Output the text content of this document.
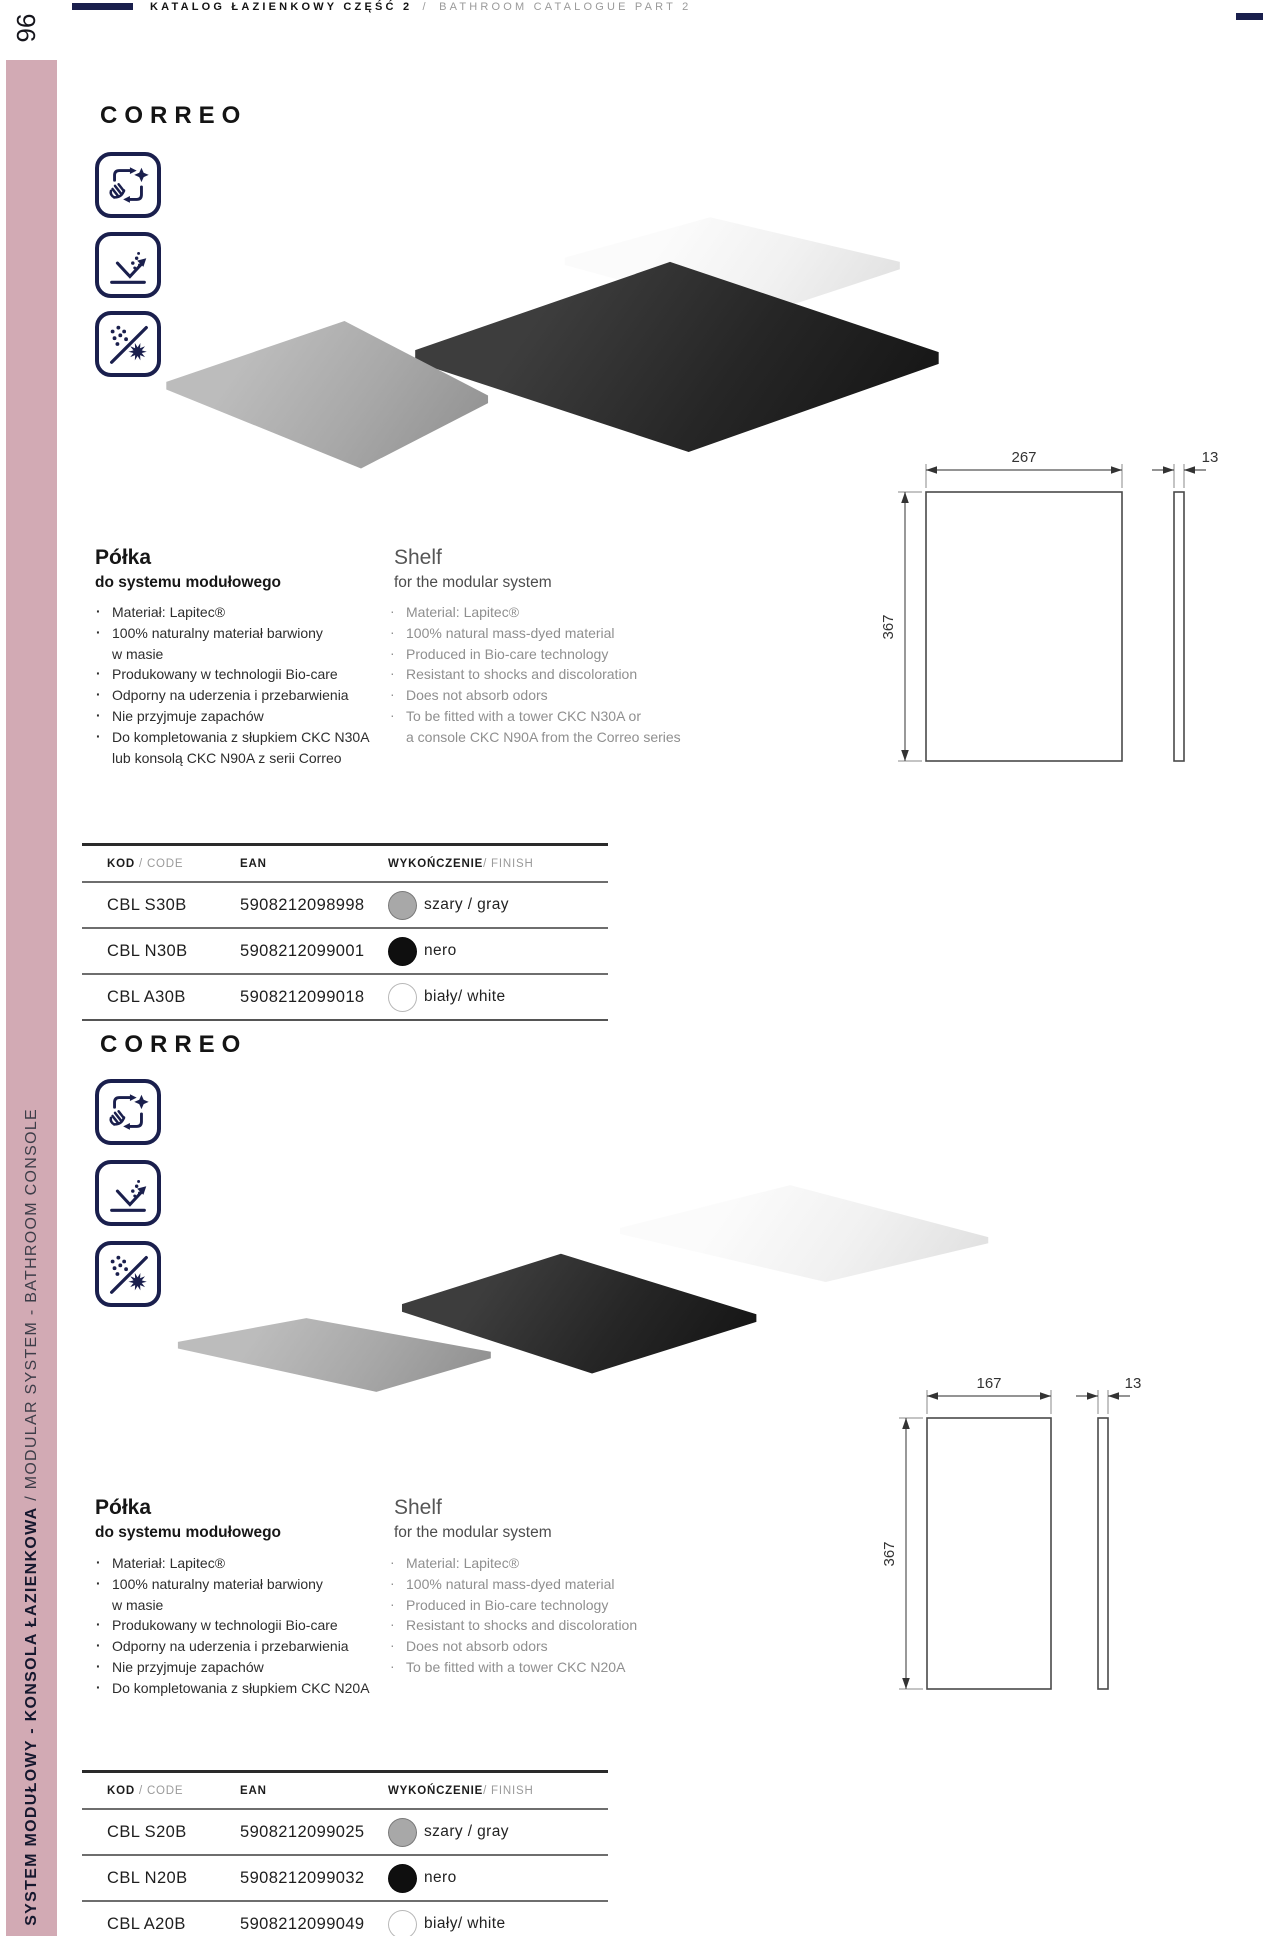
96
KATALOG ŁAZIENKOWY CZĘŚĆ 2 / BATHROOM CATALOGUE PART 2
SYSTEM MODUŁOWY - KONSOLA ŁAZIENKOWA / MODULAR SYSTEM - BATHROOM CONSOLE
CORREO
267	13
367
Półka
do systemu modułowego
Shelf
for the modular system
· Materiał: Lapitec®
· 100% naturalny materiał barwiony
w masie
· Produkowany w technologii Bio-care
· Odporny na uderzenia i przebarwienia
· Nie przyjmuje zapachów
· Do kompletowania z słupkiem CKC N30A
lub konsolą CKC N90A z serii Correo
· Material: Lapitec®
· 100% natural mass-dyed material
· Produced in Bio-care technology
· Resistant to shocks and discoloration
· Does not absorb odors
· To be fitted with a tower CKC N30A or
a console CKC N90A from the Correo series
KOD / CODE	EAN	WYKOŃCZENIE / FINISH
CBL S30B	5908212098998	szary / gray
CBL N30B	5908212099001	nero
CBL A30B	5908212099018	biały/ white
CORREO
167	13
367
Półka
do systemu modułowego
Shelf
for the modular system
· Materiał: Lapitec®
· 100% naturalny materiał barwiony
w masie
· Produkowany w technologii Bio-care
· Odporny na uderzenia i przebarwienia
· Nie przyjmuje zapachów
· Do kompletowania z słupkiem CKC N20A
· Material: Lapitec®
· 100% natural mass-dyed material
· Produced in Bio-care technology
· Resistant to shocks and discoloration
· Does not absorb odors
· To be fitted with a tower CKC N20A
KOD / CODE	EAN	WYKOŃCZENIE / FINISH
CBL S20B	5908212099025	szary / gray
CBL N20B	5908212099032	nero
CBL A20B	5908212099049	biały/ white
